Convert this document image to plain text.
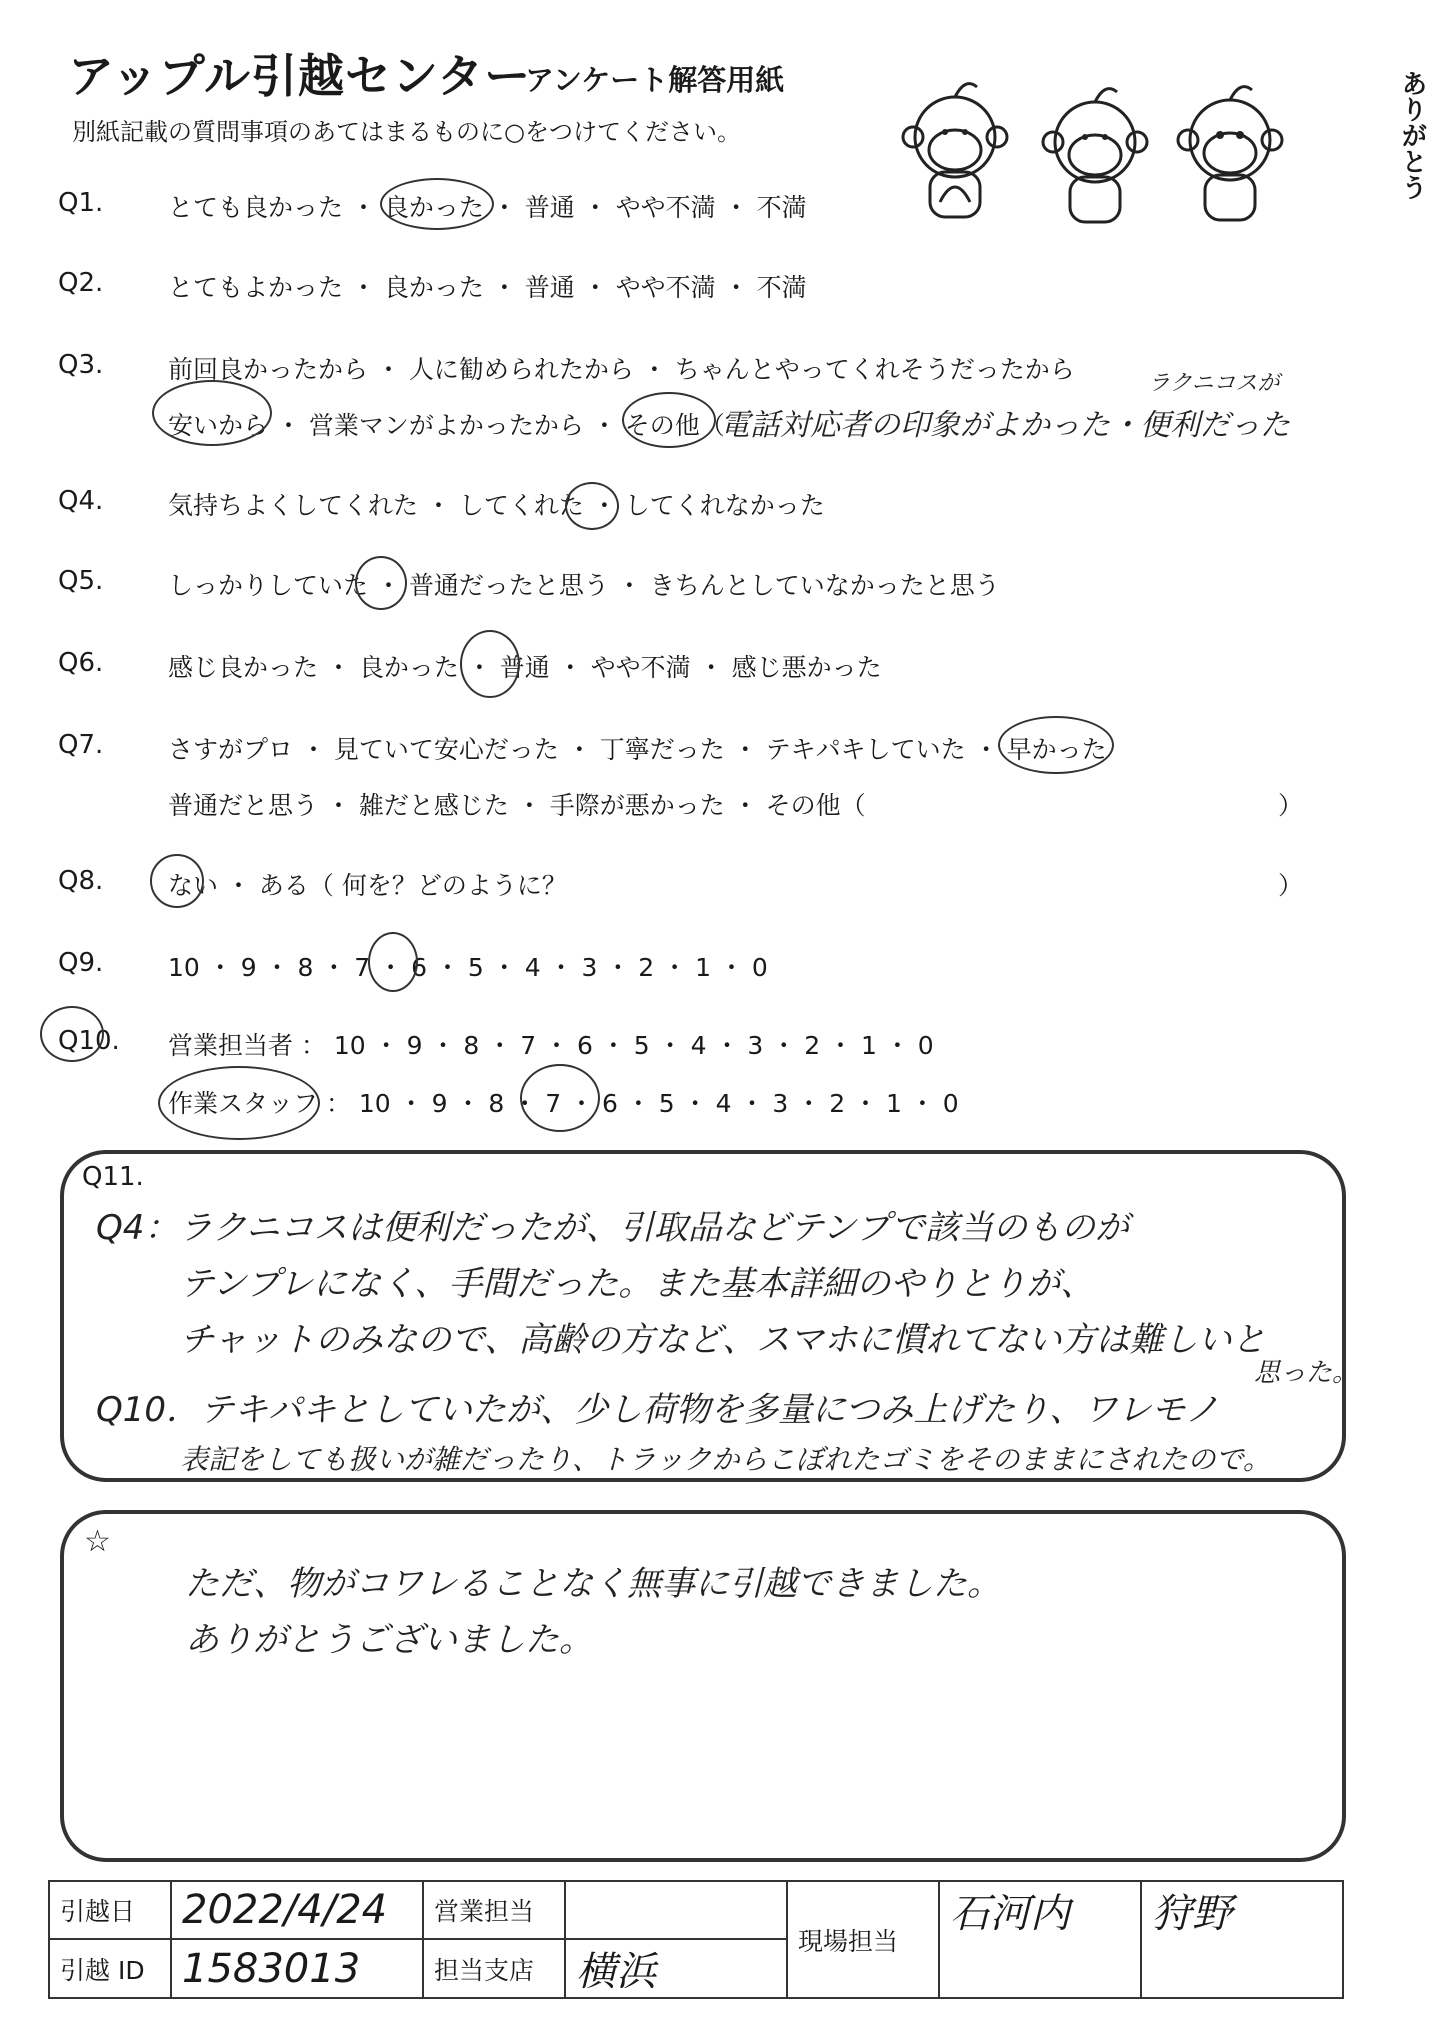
アップル引越センター
アンケート解答用紙
別紙記載の質問事項のあてはまるものに○をつけてください。	ありがとう
Q1.	とても良かった ・ 良かった ・ 普通 ・ やや不満 ・ 不満
Q2.	とてもよかった ・ 良かった ・ 普通 ・ やや不満 ・ 不満
Q3.	前回良かったから ・ 人に勧められたから ・ ちゃんとやってくれそうだったから
安いから ・ 営業マンがよかったから ・ その他（
電話対応者の印象がよかった・便利だった
ラクニコスが
Q4.	気持ちよくしてくれた ・ してくれた ・ してくれなかった
Q5.	しっかりしていた ・ 普通だったと思う ・ きちんとしていなかったと思う
Q6.	感じ良かった ・ 良かった ・ 普通 ・ やや不満 ・ 感じ悪かった
Q7.	さすがプロ ・ 見ていて安心だった ・ 丁寧だった ・ テキパキしていた ・ 早かった
普通だと思う ・ 雑だと感じた ・ 手際が悪かった ・ その他（	）
Q8.	ない ・ ある（ 何を？どのように？	）
Q9.	10 ・ 9 ・ 8 ・ 7 ・ 6 ・ 5 ・ 4 ・ 3 ・ 2 ・ 1 ・ 0
Q10. 営業担当者 ： 10 ・ 9 ・ 8 ・ 7 ・ 6 ・ 5 ・ 4 ・ 3 ・ 2 ・ 1 ・ 0
作業スタッフ ： 10 ・ 9 ・ 8 ・ 7 ・ 6 ・ 5 ・ 4 ・ 3 ・ 2 ・ 1 ・ 0
Q11.
Q4：ラクニコスは便利だったが、引取品などテンプで該当のものが
テンプレになく、手間だった。また基本詳細のやりとりが、
チャットのみなので、高齢の方など、スマホに慣れてない方は難しいと
思った。
Q10．テキパキとしていたが、少し荷物を多量につみ上げたり、ワレモノ
表記をしても扱いが雑だったり、トラックからこぼれたゴミをそのままにされたので。
☆
ただ、物がコワレることなく無事に引越できました。
ありがとうございました。
引越日	2022/4/24	営業担当		現場担当	石河内	狩野
引越 ID	1583013	担当支店	横浜			
